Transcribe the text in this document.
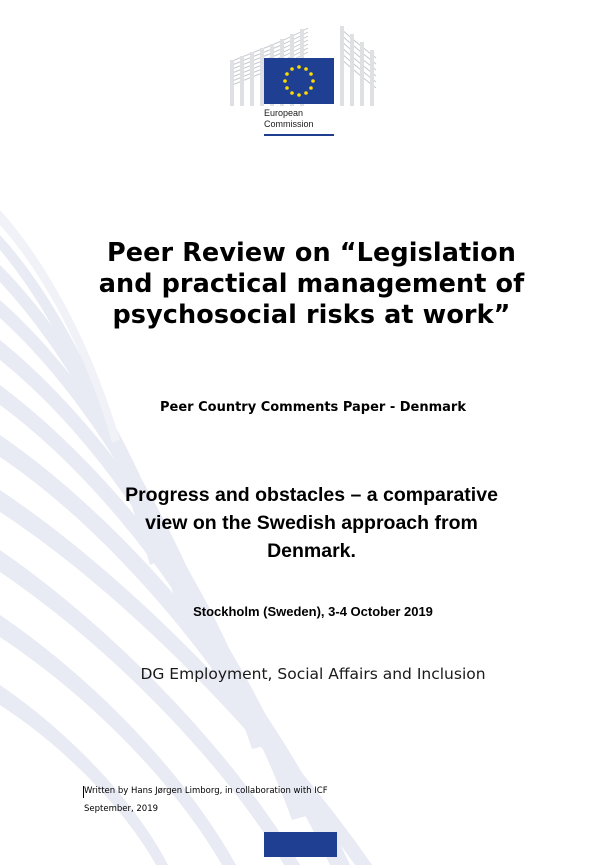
European
Commission
Peer Review on “Legislation
and practical management of
psychosocial risks at work”
Peer Country Comments Paper - Denmark
Progress and obstacles – a comparative
view on the Swedish approach from
Denmark.
Stockholm (Sweden), 3-4 October 2019
DG Employment, Social Affairs and Inclusion
Written by Hans Jørgen Limborg, in collaboration with ICF
September, 2019
